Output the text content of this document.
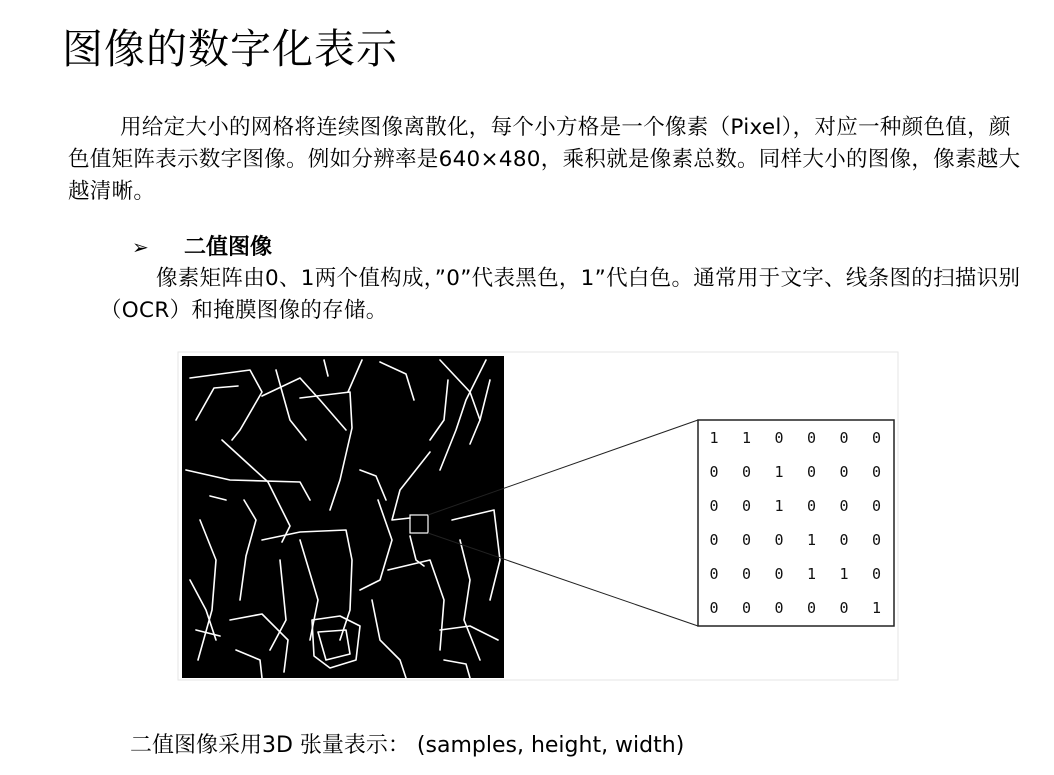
图像的数字化表示
用给定大小的网格将连续图像离散化，每个小方格是一个像素（Pixel），对应一种颜色值，颜色值矩阵表示数字图像。例如分辨率是640×480，乘积就是像素总数。同样大小的图像，像素越大越清晰。
➢ 二值图像
像素矩阵由0、1两个值构成，”0”代表黑色，1”代白色。通常用于文字、线条图的扫描识别（OCR）和掩膜图像的存储。
1 1 0 0 0 0
0 0 1 0 0 0
0 0 1 0 0 0
0 0 0 1 0 0
0 0 0 1 1 0
0 0 0 0 0 1
二值图像采用3D 张量表示： (samples, height, width)
